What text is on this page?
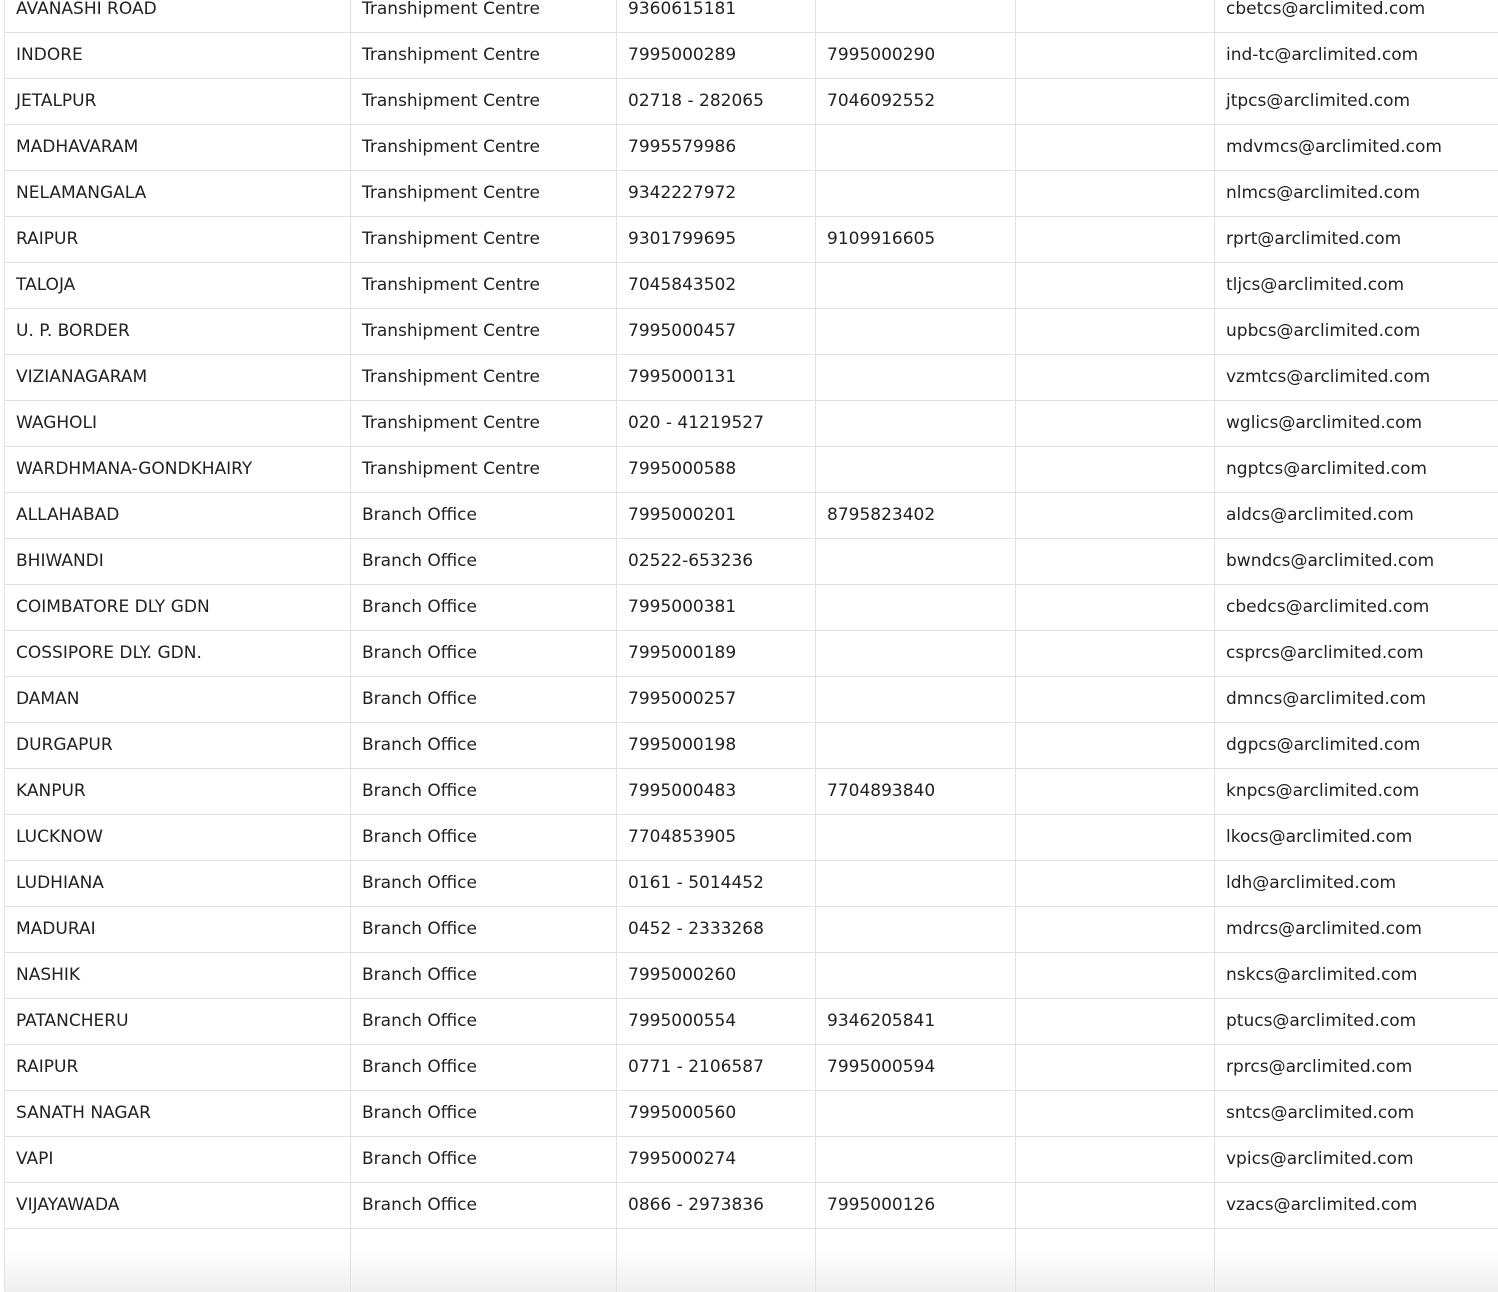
AVANASHI ROAD	Transhipment Centre	9360615181			cbetcs@arclimited.com
INDORE	Transhipment Centre	7995000289	7995000290		ind-tc@arclimited.com
JETALPUR	Transhipment Centre	02718 - 282065	7046092552		jtpcs@arclimited.com
MADHAVARAM	Transhipment Centre	7995579986			mdvmcs@arclimited.com
NELAMANGALA	Transhipment Centre	9342227972			nlmcs@arclimited.com
RAIPUR	Transhipment Centre	9301799695	9109916605		rprt@arclimited.com
TALOJA	Transhipment Centre	7045843502			tljcs@arclimited.com
U. P. BORDER	Transhipment Centre	7995000457			upbcs@arclimited.com
VIZIANAGARAM	Transhipment Centre	7995000131			vzmtcs@arclimited.com
WAGHOLI	Transhipment Centre	020 - 41219527			wglics@arclimited.com
WARDHMANA-GONDKHAIRY	Transhipment Centre	7995000588			ngptcs@arclimited.com
ALLAHABAD	Branch Office	7995000201	8795823402		aldcs@arclimited.com
BHIWANDI	Branch Office	02522-653236			bwndcs@arclimited.com
COIMBATORE DLY GDN	Branch Office	7995000381			cbedcs@arclimited.com
COSSIPORE DLY. GDN.	Branch Office	7995000189			csprcs@arclimited.com
DAMAN	Branch Office	7995000257			dmncs@arclimited.com
DURGAPUR	Branch Office	7995000198			dgpcs@arclimited.com
KANPUR	Branch Office	7995000483	7704893840		knpcs@arclimited.com
LUCKNOW	Branch Office	7704853905			lkocs@arclimited.com
LUDHIANA	Branch Office	0161 - 5014452			ldh@arclimited.com
MADURAI	Branch Office	0452 - 2333268			mdrcs@arclimited.com
NASHIK	Branch Office	7995000260			nskcs@arclimited.com
PATANCHERU	Branch Office	7995000554	9346205841		ptucs@arclimited.com
RAIPUR	Branch Office	0771 - 2106587	7995000594		rprcs@arclimited.com
SANATH NAGAR	Branch Office	7995000560			sntcs@arclimited.com
VAPI	Branch Office	7995000274			vpics@arclimited.com
VIJAYAWADA	Branch Office	0866 - 2973836	7995000126		vzacs@arclimited.com
